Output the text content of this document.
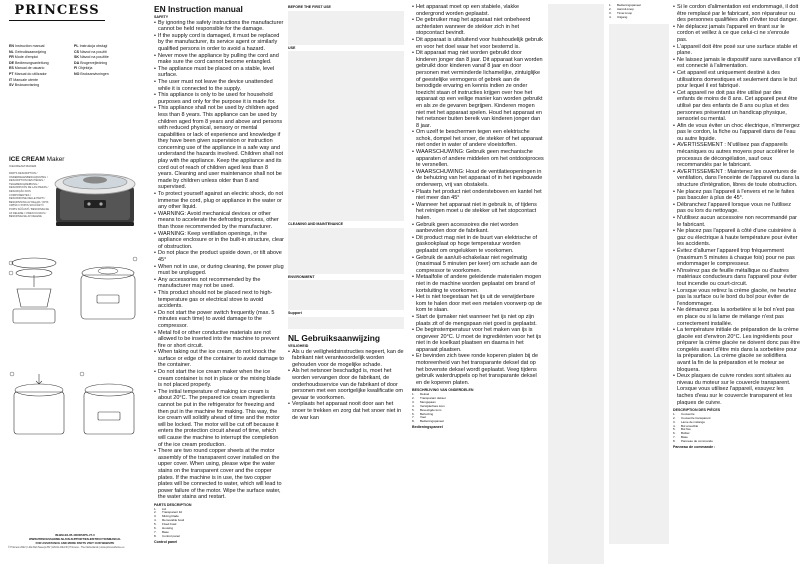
PRINCESS
EN Instruction manual
NL Gebruiksaanwijzing
FR Mode d'emploi
DE Bedienungsanleitung
ES Manual de usuario
PT Manual do utilizador
IT Manuale utente
SV Bruksanvisning
PL Instrukcja obsługi
CS Návod na použití
SK Návod na použitie
DA Brugervejledning
FI Ohjekirja
NO Bruksanvisningen
ICE CREAM Maker
ICECREAM MAKER
PARTS DESCRIPTION / ONDERDELENBESCHRIJVING / DESCRIPTION DES PIÈCES / TEILEBESCHREIBUNG / DESCRIPCIÓN DE LAS PIEZAS / DESCRIÇÃO DOS COMPONENTES / DESCRIZIONE DELLE PARTI / BESKRIVNING AV DELAR / OPIS CZĘŚCI / POPIS SOUČÁSTÍ / POPIS SÚČASTÍ / BESKRIVELSE AF DELENE / OSIEN KUVAUS / BESKRIVELSE AV DELENE
IM-BM-EX-85-4000054PS-V7-0
WWW.PRINCESSHOME.NL/ON-SUPPORT/EN-INSTRUCTIONMANUAL
FOR ASSISTANCE AND MORE PARTS VISIT OUR WEBSITE
© Princess 2022 | Little Belt Sweeps BV | EN-NL-DE-FR | Princess - The Netherlands | www.princesshome.eu
EN Instruction manual
SAFETY
• By ignoring the safety instructions the manufacturer cannot be held responsible for the damage.
• If the supply cord is damaged, it must be replaced by the manufacturer, its service agent or similarly qualified persons in order to avoid a hazard.
• Never move the appliance by pulling the cord and make sure the cord cannot become entangled.
• The appliance must be placed on a stable, level surface.
• The user must not leave the device unattended while it is connected to the supply.
• This appliance is only to be used for household purposes and only for the purpose it is made for.
• This appliance shall not be used by children aged less than 8 years. This appliance can be used by children aged from 8 years and above and persons with reduced physical, sensory or mental capabilities or lack of experience and knowledge if they have been given supervision or instruction concerning use of the appliance in a safe way and understand the hazards involved. Children shall not play with the appliance. Keep the appliance and its cord out of reach of children aged less than 8 years. Cleaning and user maintenance shall not be made by children unless older than 8 and supervised.
• To protect yourself against an electric shock, do not immerse the cord, plug or appliance in the water or any other liquid.
• WARNING: Avoid mechanical devices or other means to accelerate the defrosting process, other than those recommended by the manufacturer.
• WARNING: Keep ventilation openings, in the appliance enclosure or in the built-in structure, clear of obstruction.
• Do not place the product upside down, or tilt above 45°
• When not in use, or during cleaning, the power plug must be unplugged.
• Any accessories not recommended by the manufacturer may not be used.
• This product should not be placed next to high-temperature gas or electrical stove to avoid accidents.
• Do not start the power switch frequently (max. 5 minutes each time) to avoid damage to the compressor.
• Metal foil or other conductive materials are not allowed to be inserted into the machine to prevent fire or short circuit.
• When taking out the ice cream, do not knock the surface or edge of the container to avoid damage to the container.
• Do not start the ice cream maker when the ice cream container is not in place or the mixing blade is not placed properly.
• The initial temperature of making ice cream is about 20°C. The prepared ice cream ingredients cannot be put in the refrigerator for freezing and then put in the machine for making. This way, the ice cream will solidify ahead of time and the motor will be locked. The motor will be cut off because it enters the protection circuit ahead of time, which will cause the machine to interrupt the completion of the ice cream production.
• There are two round copper sheets at the motor assembly of the transparent cover installed on the upper cover. When using, please wipe the water stains on the transparent cover and the copper plates. If the machine is in use, the two copper plates will be connected to water, which will lead to power failure of the motor. Wipe the surface water, the water stains and restart.
PARTS DESCRIPTION
1.	Lid
2.	Transparent lid
3.	Mixing blade
4.	Removable bowl
5.	Fixed bowl
6.	Housing
7.	Base
8.	Control panel
Control panel
BEFORE THE FIRST USE
USE
CLEANING AND MAINTENANCE
ENVIRONMENT
Support
NL Gebruiksaanwijzing
VEILIGHEID
• Als u de veiligheidsinstructies negeert, kan de fabrikant niet verantwoordelijk worden gehouden voor de mogelijke schade.
• Als het netsnoer beschadigd is, moet het worden vervangen door de fabrikant, de onderhoudsservice van de fabrikant of door personen met een soortgelijke kwalificatie om gevaar te voorkomen.
• Verplaats het apparaat nooit door aan het snoer te trekken en zorg dat het snoer niet in de war kan
• Het apparaat moet op een stabiele, vlakke ondergrond worden geplaatst.
• De gebruiker mag het apparaat niet onbeheerd achterlaten wanneer de stekker zich in het stopcontact bevindt.
• Dit apparaat is uitsluitend voor huishoudelijk gebruik en voor het doel waar het voor bestemd is.
• Dit apparaat mag niet worden gebruikt door kinderen jonger dan 8 jaar. Dit apparaat kan worden gebruikt door kinderen vanaf 8 jaar en door personen met verminderde lichamelijke, zintuiglijke of geestelijke vermogens of gebrek aan de benodigde ervaring en kennis indien ze onder toezicht staan of instructies krijgen over hoe het apparaat op een veilige manier kan worden gebruikt en als ze de gevaren begrijpen. Kinderen mogen niet met het apparaat spelen. Houd het apparaat en het netsnoer buiten bereik van kinderen jonger dan 8 jaar.
• Om uzelf te beschermen tegen een elektrische schok, dompel het snoer, de stekker of het apparaat niet onder in water of andere vloeistoffen.
• WAARSCHUWING: Gebruik geen mechanische apparaten of andere middelen om het ontdooiproces te versnellen.
• WAARSCHUWING: Houd de ventilatieopeningen in de behuizing van het apparaat of in het ingebouwde onderwerp, vrij van obstakels.
• Plaats het product niet ondersteboven en kantel het niet meer dan 45°
• Wanneer het apparaat niet in gebruik is, of tijdens het reinigen moet u de stekker uit het stopcontact halen.
• Gebruik geen accessoires die niet worden aanbevolen door de fabrikant.
• Dit product mag niet in de buurt van elektrische of gaskookplaat op hoge temperatuur worden geplaatst om ongelukken te voorkomen.
• Gebruik de aan/uit-schakelaar niet regelmatig (maximaal 5 minuten per keer) om schade aan de compressor te voorkomen.
• Metaalfolie of andere geleidende materialen mogen niet in de machine worden geplaatst om brand of kortsluiting te voorkomen.
• Het is niet toegestaan het ijs uit de verwijderbare kom te halen door met een metalen voorwerp op de kom te slaan.
• Start de ijsmaker niet wanneer het ijs niet op zijn plaats zit of de mengspaan niet goed is geplaatst.
• De beginstemperatuur voor het maken van ijs is ongeveer 20°C. U moet de ingrediënten voor het ijs niet in de koelkast plaatsen en daarna in het apparaat plaatsen.
• Er bevinden zich twee ronde koperen platen bij de motoreenheid van het transparante deksel dat op het bovenste deksel wordt geplaatst. Veeg tijdens gebruik waterdruppels op het transparante deksel en de koperen platen.
BESCHRIJVING VAN ONDERDELEN
1.	Deksel
2.	Transparant deksel
3.	Mengspaan
4.	Verwijderbare kom
5.	Bevestigde kom
6.	Behuizing
7.	Voet
8.	Bedieningspaneel
Bedieningspaneel
1.	Bedieningspaneel
2.	Aan/uit-knop
3.	Timer-knop
4.	Uitgang
• Si le cordon d'alimentation est endommagé, il doit être remplacé par le fabricant, son réparateur ou des personnes qualifiées afin d'éviter tout danger.
• Ne déplacez jamais l'appareil en tirant sur le cordon et veillez à ce que celui-ci ne s'enroule pas.
• L'appareil doit être posé sur une surface stable et plane.
• Ne laissez jamais le dispositif sans surveillance s'il est connecté à l'alimentation.
• Cet appareil est uniquement destiné à des utilisations domestiques et seulement dans le but pour lequel il est fabriqué.
• Cet appareil ne doit pas être utilisé par des enfants de moins de 8 ans. Cet appareil peut être utilisé par des enfants de 8 ans ou plus et des personnes présentant un handicap physique, sensoriel ou mental.
• Afin de vous éviter un choc électrique, n'immergez pas le cordon, la fiche ou l'appareil dans de l'eau ou autre liquide.
• AVERTISSEMENT : N'utilisez pas d'appareils mécaniques ou autres moyens pour accélérer le processus de décongélation, sauf ceux recommandés par le fabricant.
• AVERTISSEMENT : Maintenez les ouvertures de ventilation, dans l'enceinte de l'appareil ou dans la structure d'intégration, libres de toute obstruction.
• Ne placez pas l'appareil à l'envers et ne le faites pas basculer à plus de 45°.
• Débranchez l'appareil lorsque vous ne l'utilisez pas ou lors du nettoyage.
• N'utilisez aucun accessoire non recommandé par le fabricant.
• Ne placez pas l'appareil à côté d'une cuisinière à gaz ou électrique à haute température pour éviter les accidents.
• Évitez d'allumer l'appareil trop fréquemment (maximum 5 minutes à chaque fois) pour ne pas endommager le compresseur.
• N'insérez pas de feuille métallique ou d'autres matériaux conducteurs dans l'appareil pour éviter tout incendie ou court-circuit.
• Lorsque vous retirez la crème glacée, ne heurtez pas la surface ou le bord du bol pour éviter de l'endommager.
• Ne démarrez pas la sorbetière si le bol n'est pas en place ou si la lame de mélange n'est pas correctement installée.
• La température initiale de préparation de la crème glacée est d'environ 20°C. Les ingrédients pour préparer la crème glacée ne doivent donc pas être congelés avant d'être mis dans la sorbetière pour la préparation. La crème glacée se solidifiera avant la fin de la préparation et le moteur se bloquera.
• Deux plaques de cuivre rondes sont situées au niveau du moteur sur le couvercle transparent. Lorsque vous utilisez l'appareil, essuyez les taches d'eau sur le couvercle transparent et les plaques de cuivre.
DESCRIPTION DES PIÈCES
1.	Couvercle
2.	Couvercle transparent
3.	Lame de mélange
4.	Bol amovible
5.	Bol fixe
6.	Boîtier
7.	Base
8.	Panneau de commande
Panneau de commande :
